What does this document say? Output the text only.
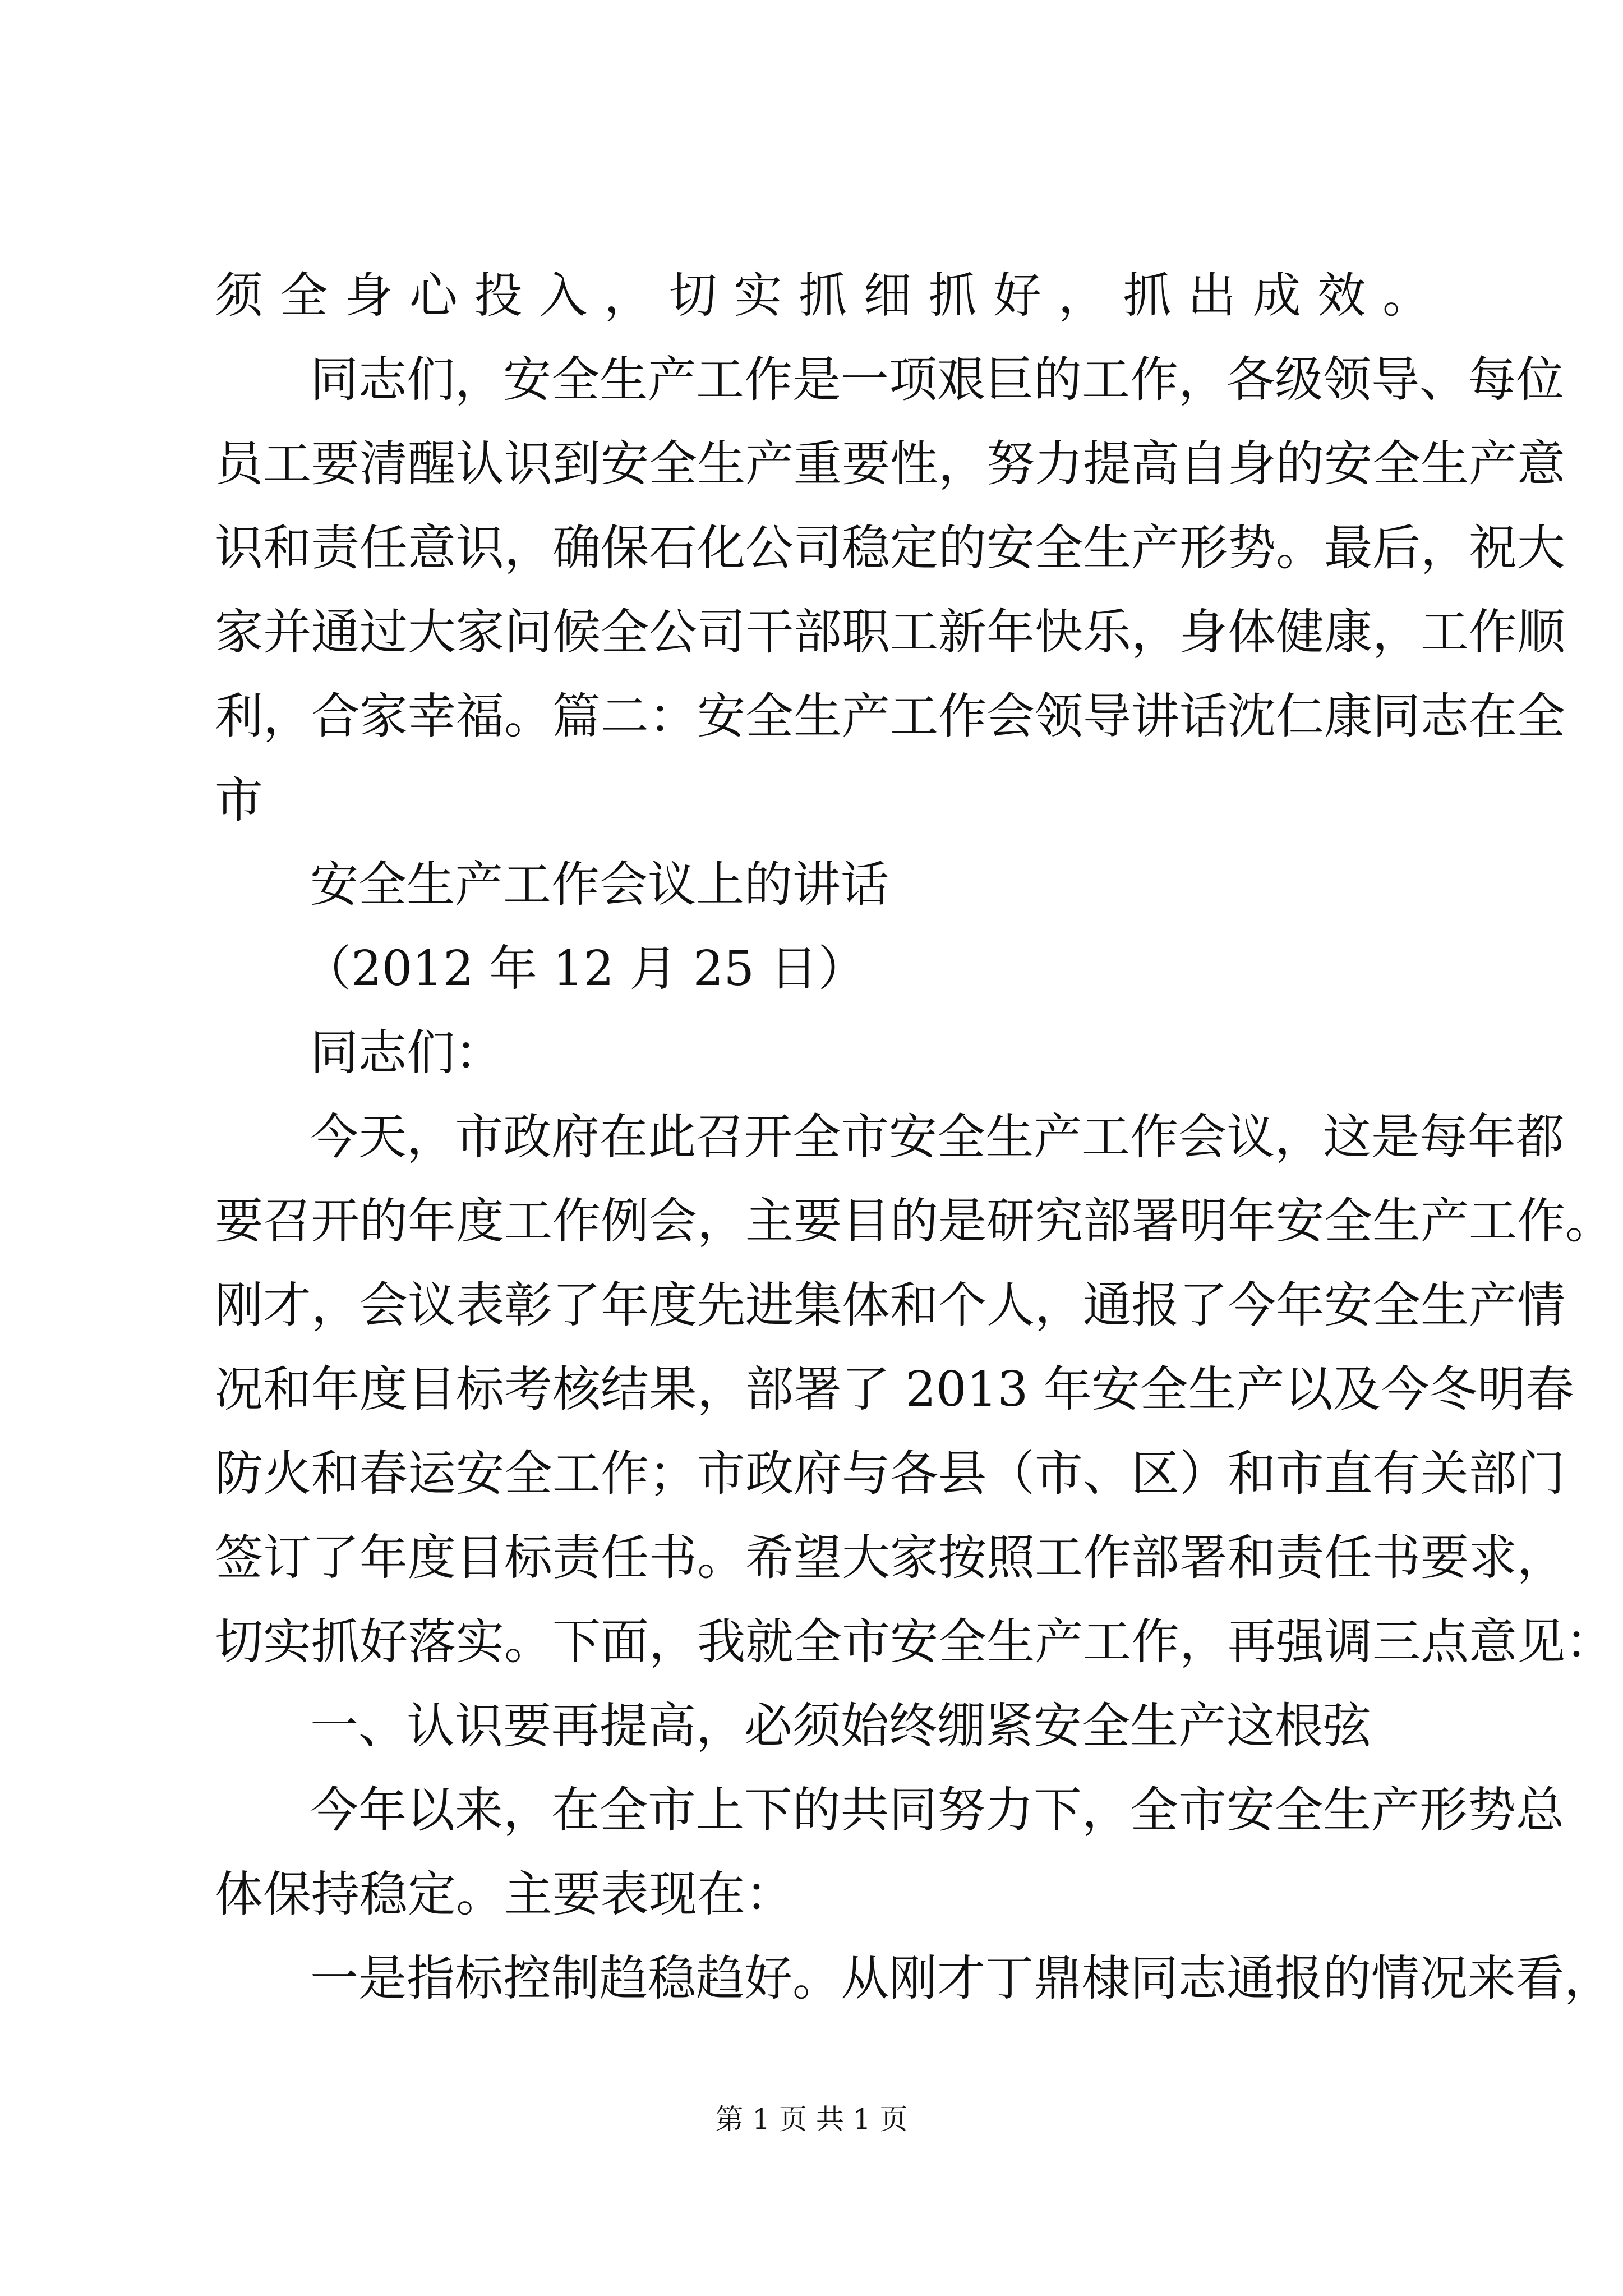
须全身心投入，切实抓细抓好，抓出成效。

同志们，安全生产工作是一项艰巨的工作，各级领导、每位

员工要清醒认识到安全生产重要性，努力提高自身的安全生产意

识和责任意识，确保石化公司稳定的安全生产形势。最后，祝大

家并通过大家问候全公司干部职工新年快乐，身体健康，工作顺

利，合家幸福。篇二：安全生产工作会领导讲话沈仁康同志在全

市

安全生产工作会议上的讲话

（2012 年 12 月 25 日）

同志们：

今天，市政府在此召开全市安全生产工作会议，这是每年都

要召开的年度工作例会，主要目的是研究部署明年安全生产工作。

刚才，会议表彰了年度先进集体和个人，通报了今年安全生产情

况和年度目标考核结果，部署了 2013 年安全生产以及今冬明春

防火和春运安全工作；市政府与各县（市、区）和市直有关部门

签订了年度目标责任书。希望大家按照工作部署和责任书要求，

切实抓好落实。下面，我就全市安全生产工作，再强调三点意见：

一、认识要再提高，必须始终绷紧安全生产这根弦

今年以来，在全市上下的共同努力下，全市安全生产形势总

体保持稳定。主要表现在：

一是指标控制趋稳趋好。从刚才丁鼎棣同志通报的情况来看，

第 1 页 共 1 页
